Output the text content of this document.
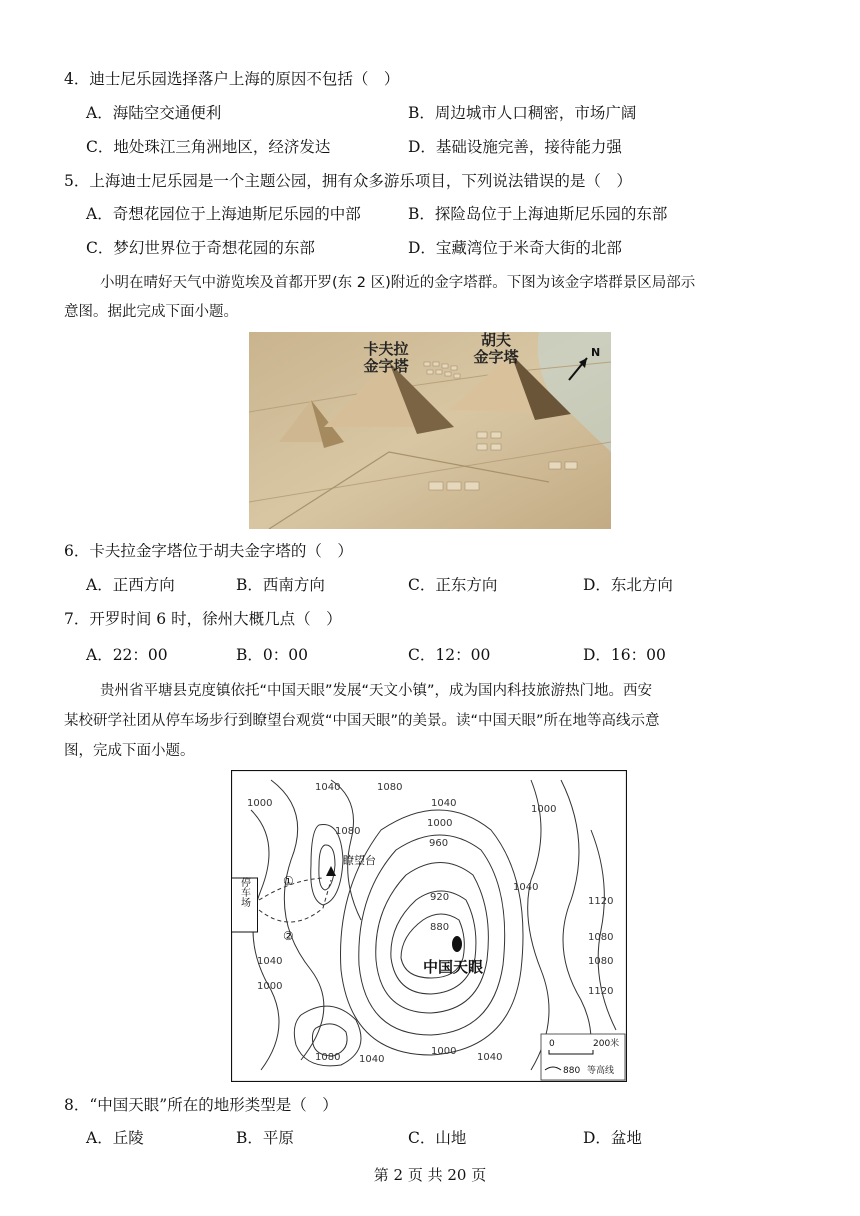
4．迪士尼乐园选择落户上海的原因不包括（　）
A．海陆空交通便利	B．周边城市人口稠密，市场广阔
C．地处珠江三角洲地区，经济发达	D．基础设施完善，接待能力强
5．上海迪士尼乐园是一个主题公园，拥有众多游乐项目，下列说法错误的是（　）
A．奇想花园位于上海迪斯尼乐园的中部	B．探险岛位于上海迪斯尼乐园的东部
C．梦幻世界位于奇想花园的东部	D．宝藏湾位于米奇大街的北部
小明在晴好天气中游览埃及首都开罗(东 2 区)附近的金字塔群。下图为该金字塔群景区局部示
意图。据此完成下面小题。
卡夫拉
金字塔
胡夫
金字塔	N
6．卡夫拉金字塔位于胡夫金字塔的（　）
A．正西方向	B．西南方向	C．正东方向	D．东北方向
7．开罗时间 6 时，徐州大概几点（　）
A．22：00	B．0：00	C．12：00	D．16：00
贵州省平塘县克度镇依托“中国天眼”发展“天文小镇”，成为国内科技旅游热门地。西安
某校研学社团从停车场步行到瞭望台观赏“中国天眼”的美景。读“中国天眼”所在地等高线示意
图，完成下面小题。
瞭望台
停车场	①
②
中国天眼
1000
1040	1080
1040
1000
1080
1000
960
920
880
1040
1120
1080
1080
1120
1040
1000
1080 1040
1000
1040
0	200米
880 等高线
8．“中国天眼”所在的地形类型是（　）
A．丘陵	B．平原	C．山地	D．盆地
第 2 页 共 20 页
